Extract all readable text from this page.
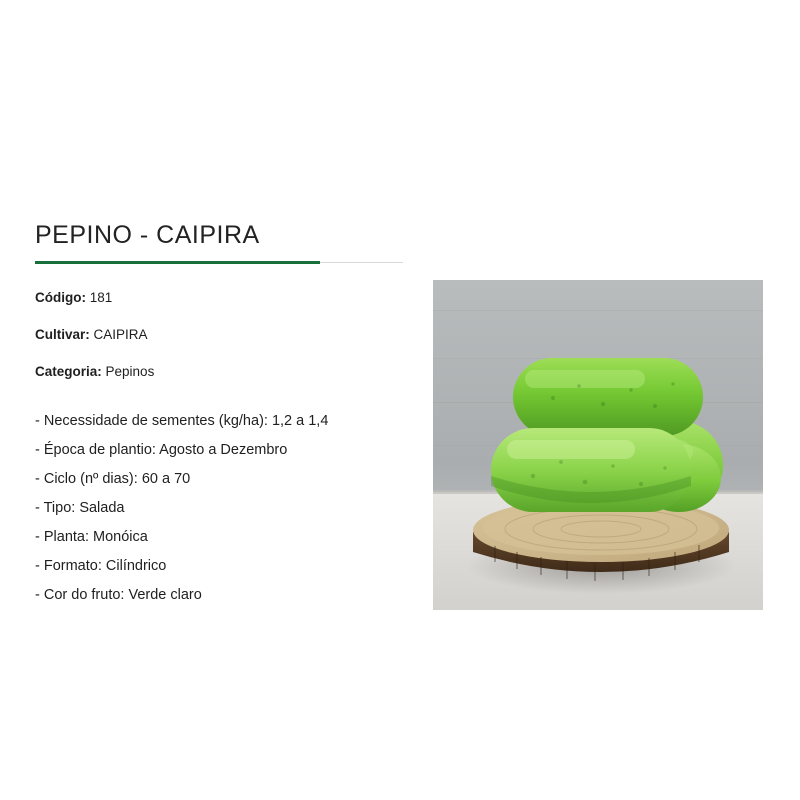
PEPINO - CAIPIRA
Código: 181
Cultivar: CAIPIRA
Categoria: Pepinos
- Necessidade de sementes (kg/ha): 1,2 a 1,4
- Época de plantio: Agosto a Dezembro
- Ciclo (nº dias): 60 a 70
- Tipo: Salada
- Planta: Monóica
- Formato: Cilíndrico
- Cor do fruto: Verde claro
